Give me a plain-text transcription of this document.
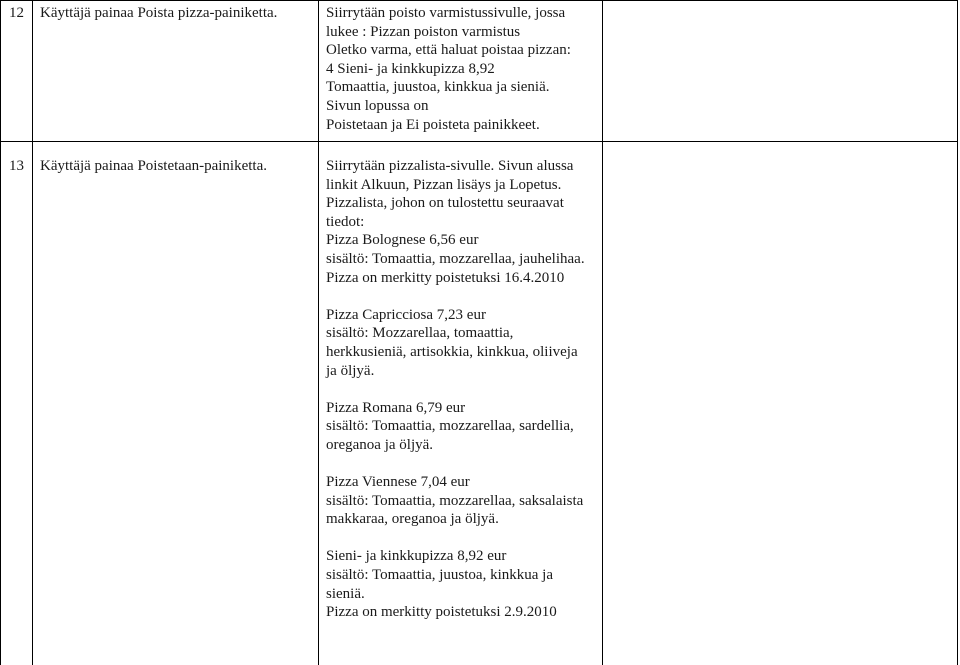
12 Käyttäjä painaa Poista pizza-painiketta.	Siirrytään poisto varmistussivulle, jossa
lukee : Pizzan poiston varmistus
Oletko varma, että haluat poistaa pizzan:
4 Sieni- ja kinkkupizza 8,92
Tomaattia, juustoa, kinkkua ja sieniä.
Sivun lopussa on
Poistetaan ja Ei poisteta painikkeet.
13 Käyttäjä painaa Poistetaan-painiketta.	Siirrytään pizzalista-sivulle. Sivun alussa
linkit Alkuun, Pizzan lisäys ja Lopetus.
Pizzalista, johon on tulostettu seuraavat
tiedot:
Pizza Bolognese 6,56 eur
sisältö: Tomaattia, mozzarellaa, jauhelihaa.
Pizza on merkitty poistetuksi 16.4.2010
Pizza Capricciosa 7,23 eur
sisältö: Mozzarellaa, tomaattia,
herkkusieniä, artisokkia, kinkkua, oliiveja
ja öljyä.
Pizza Romana 6,79 eur
sisältö: Tomaattia, mozzarellaa, sardellia,
oreganoa ja öljyä.
Pizza Viennese 7,04 eur
sisältö: Tomaattia, mozzarellaa, saksalaista
makkaraa, oreganoa ja öljyä.
Sieni- ja kinkkupizza 8,92 eur
sisältö: Tomaattia, juustoa, kinkkua ja
sieniä.
Pizza on merkitty poistetuksi 2.9.2010
